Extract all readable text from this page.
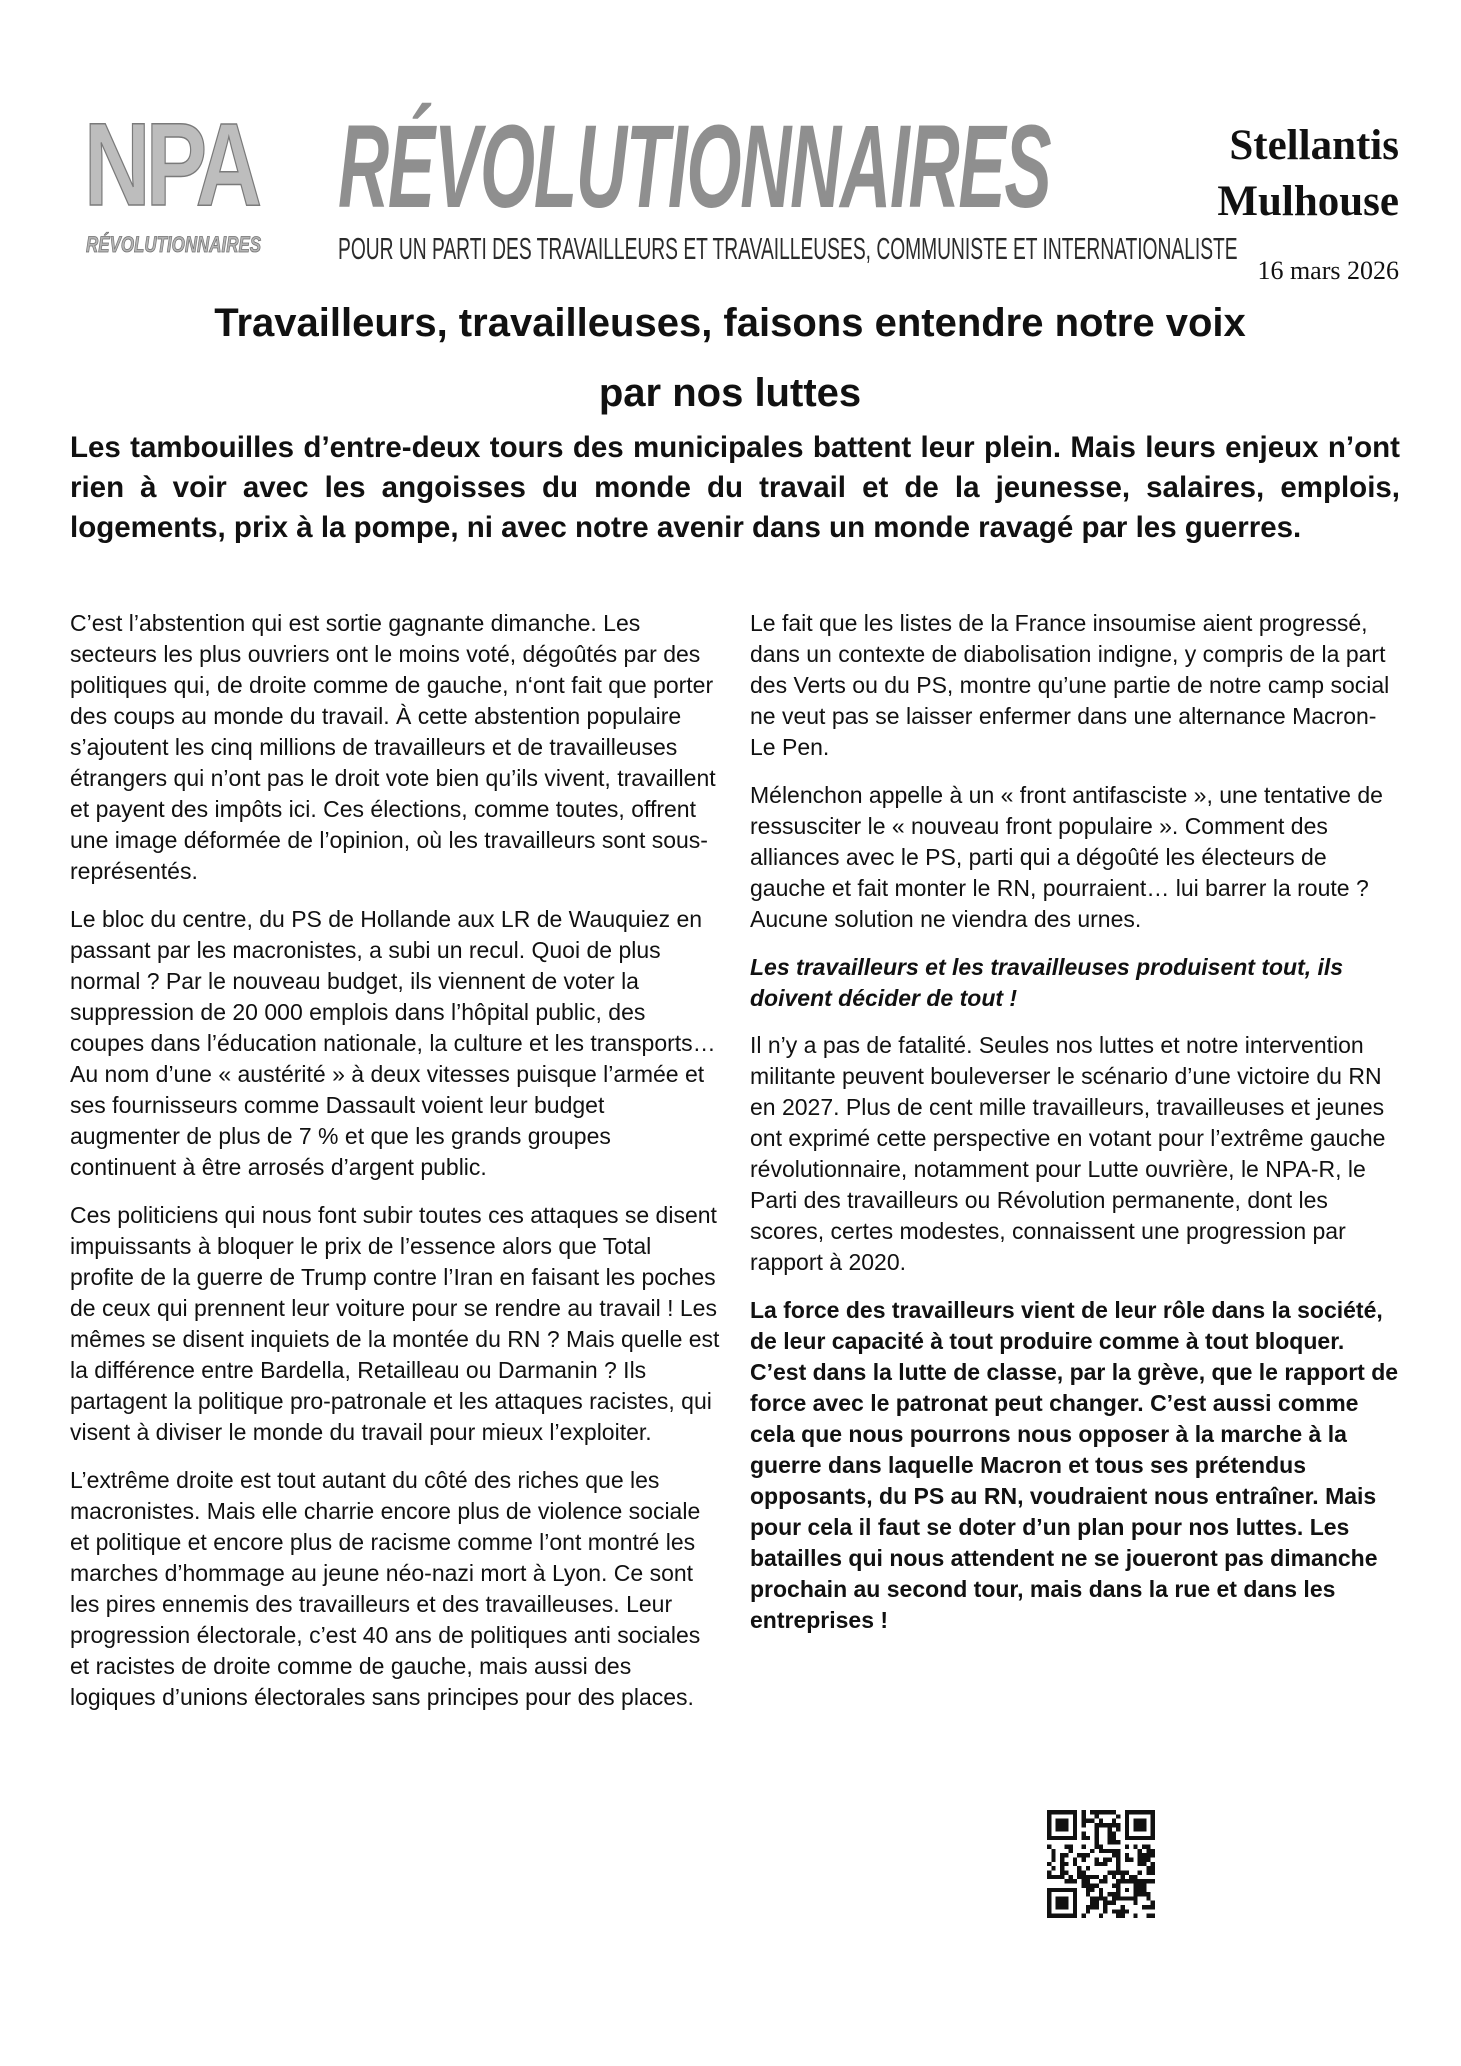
NPA
RÉVOLUTIONNAIRES
RÉVOLUTIONNAIRES
POUR UN PARTI DES TRAVAILLEURS ET TRAVAILLEUSES, COMMUNISTE ET INTERNATIONALISTE
Stellantis
Mulhouse
16 mars 2026
Travailleurs, travailleuses, faisons entendre notre voix
par nos luttes
Les tambouilles d’entre-deux tours des municipales battent leur plein. Mais leurs enjeux n’ont rien à voir avec les angoisses du monde du travail et de la jeunesse, salaires, emplois, logements, prix à la pompe, ni avec notre avenir dans un monde ravagé par les guerres.

C’est l’abstention qui est sortie gagnante dimanche. Les secteurs les plus ouvriers ont le moins voté, dégoûtés par des politiques qui, de droite comme de gauche, n‘ont fait que porter des coups au monde du travail. À cette abstention populaire s’ajoutent les cinq millions de travailleurs et de travailleuses étrangers qui n’ont pas le droit vote bien qu’ils vivent, travaillent et payent des impôts ici. Ces élections, comme toutes, offrent une image déformée de l’opinion, où les travailleurs sont sous-représentés.

Le bloc du centre, du PS de Hollande aux LR de Wauquiez en passant par les macronistes, a subi un recul. Quoi de plus normal ? Par le nouveau budget, ils viennent de voter la suppression de 20 000 emplois dans l’hôpital public, des coupes dans l’éducation nationale, la culture et les transports… Au nom d’une « austérité » à deux vitesses puisque l’armée et ses fournisseurs comme Dassault voient leur budget augmenter de plus de 7 % et que les grands groupes continuent à être arrosés d’argent public.

Ces politiciens qui nous font subir toutes ces attaques se disent impuissants à bloquer le prix de l’essence alors que Total profite de la guerre de Trump contre l’Iran en faisant les poches de ceux qui prennent leur voiture pour se rendre au travail ! Les mêmes se disent inquiets de la montée du RN ? Mais quelle est la différence entre Bardella, Retailleau ou Darmanin ? Ils partagent la politique pro-patronale et les attaques racistes, qui visent à diviser le monde du travail pour mieux l’exploiter.

L’extrême droite est tout autant du côté des riches que les macronistes. Mais elle charrie encore plus de violence sociale et politique et encore plus de racisme comme l’ont montré les marches d’hommage au jeune néo-nazi mort à Lyon. Ce sont les pires ennemis des travailleurs et des travailleuses. Leur progression électorale, c’est 40 ans de politiques anti sociales et racistes de droite comme de gauche, mais aussi des logiques d’unions électorales sans principes pour des places.

Le fait que les listes de la France insoumise aient progressé, dans un contexte de diabolisation indigne, y compris de la part des Verts ou du PS, montre qu’une partie de notre camp social ne veut pas se laisser enfermer dans une alternance Macron-Le Pen.

Mélenchon appelle à un « front antifasciste », une tentative de ressusciter le « nouveau front populaire ». Comment des alliances avec le PS, parti qui a dégoûté les électeurs de gauche et fait monter le RN, pourraient… lui barrer la route ? Aucune solution ne viendra des urnes.

Les travailleurs et les travailleuses produisent tout, ils doivent décider de tout !

Il n’y a pas de fatalité. Seules nos luttes et notre intervention militante peuvent bouleverser le scénario d’une victoire du RN en 2027. Plus de cent mille travailleurs, travailleuses et jeunes ont exprimé cette perspective en votant pour l’extrême gauche révolutionnaire, notamment pour Lutte ouvrière, le NPA-R, le Parti des travailleurs ou Révolution permanente, dont les scores, certes modestes, connaissent une progression par rapport à 2020.

La force des travailleurs vient de leur rôle dans la société, de leur capacité à tout produire comme à tout bloquer. C’est dans la lutte de classe, par la grève, que le rapport de force avec le patronat peut changer. C’est aussi comme cela que nous pourrons nous opposer à la marche à la guerre dans laquelle Macron et tous ses prétendus opposants, du PS au RN, voudraient nous entraîner. Mais pour cela il faut se doter d’un plan pour nos luttes. Les batailles qui nous attendent ne se joueront pas dimanche prochain au second tour, mais dans la rue et dans les entreprises !
